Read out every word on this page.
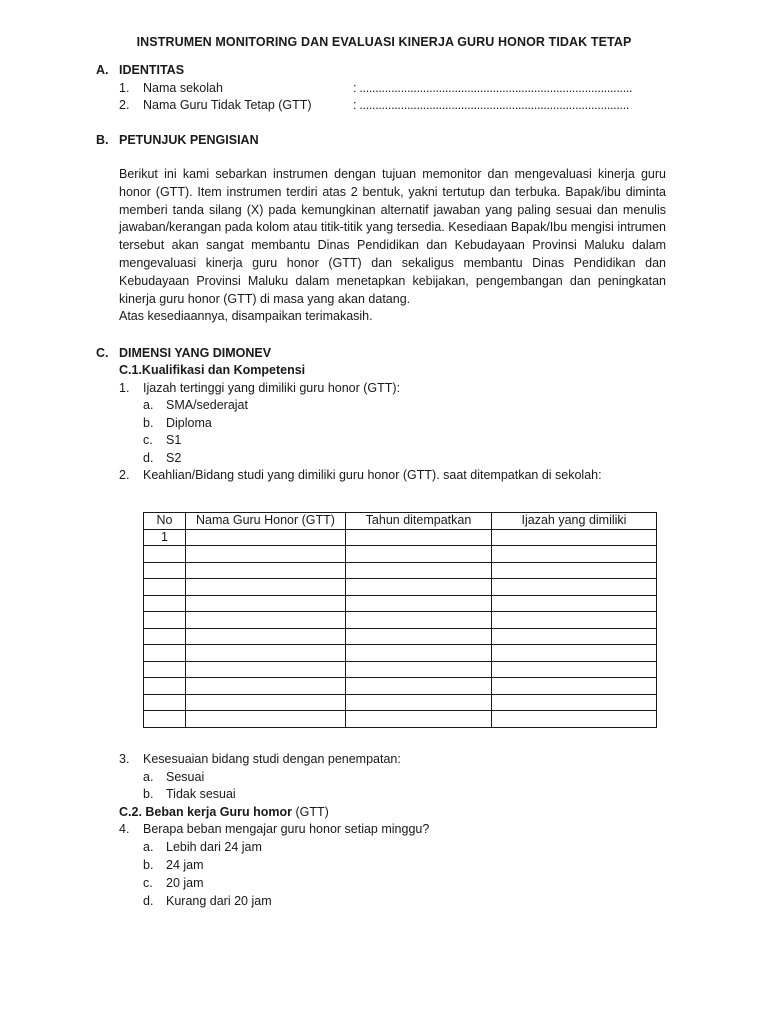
INSTRUMEN MONITORING DAN EVALUASI KINERJA GURU HONOR TIDAK TETAP
A. IDENTITAS
1. Nama sekolah	: ......................................................................................
2. Nama Guru Tidak Tetap (GTT)	: .....................................................................................
B. PETUNJUK PENGISIAN

Berikut ini kami sebarkan instrumen dengan tujuan memonitor dan mengevaluasi kinerja guru honor (GTT). Item instrumen terdiri atas 2 bentuk, yakni tertutup dan terbuka. Bapak/ibu diminta memberi tanda silang (X) pada kemungkinan alternatif jawaban yang paling sesuai dan menulis jawaban/kerangan pada kolom atau titik-titik yang tersedia. Kesediaan Bapak/Ibu mengisi intrumen tersebut akan sangat membantu Dinas Pendidikan dan Kebudayaan Provinsi Maluku dalam mengevaluasi kinerja guru honor (GTT) dan sekaligus membantu Dinas Pendidikan dan Kebudayaan Provinsi Maluku dalam menetapkan kebijakan, pengembangan dan peningkatan kinerja guru honor (GTT) di masa yang akan datang.

Atas kesediaannya, disampaikan terimakasih.

C. DIMENSI YANG DIMONEV
C.1.Kualifikasi dan Kompetensi
1. Ijazah tertinggi yang dimiliki guru honor (GTT):
a. SMA/sederajat
b. Diploma
c. S1
d. S2
2. Keahlian/Bidang studi yang dimiliki guru honor (GTT). saat ditempatkan di sekolah:
No	Nama Guru Honor (GTT)	Tahun ditempatkan	Ijazah yang dimiliki
1			

3. Kesesuaian bidang studi dengan penempatan:
a. Sesuai
b. Tidak sesuai
C.2. Beban kerja Guru homor (GTT)
4. Berapa beban mengajar guru honor setiap minggu?
a. Lebih dari 24 jam
b. 24 jam
c. 20 jam
d. Kurang dari 20 jam
